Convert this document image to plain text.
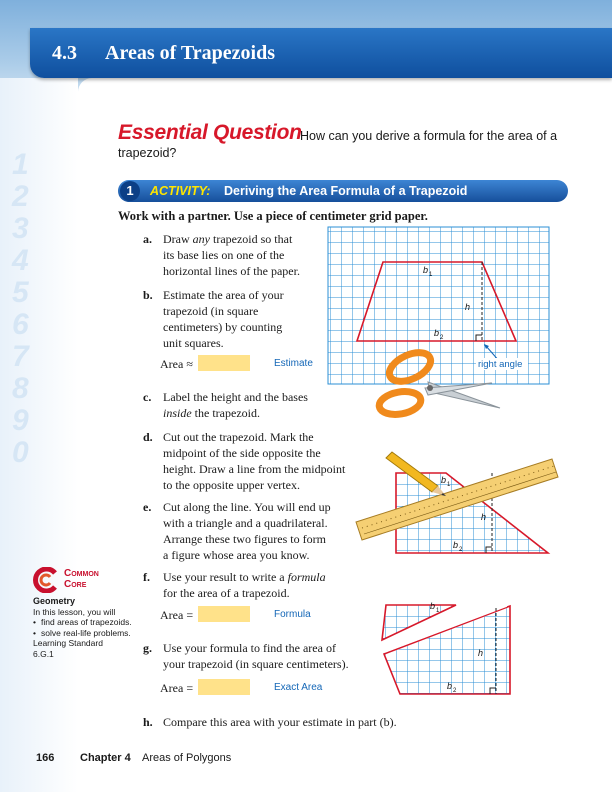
4.3 Areas of Trapezoids
1
2
3
4
5
6
7
8
9
0
Essential Question
How can you derive a formula for the area of a trapezoid?
1	ACTIVITY: Deriving the Area Formula of a Trapezoid
Work with a partner. Use a piece of centimeter grid paper.
a. Draw any trapezoid so that
its base lies on one of the
horizontal lines of the paper.
b. Estimate the area of your
trapezoid (in square
centimeters) by counting
unit squares.
Area ≈	Estimate
c. Label the height and the bases
inside the trapezoid.
d. Cut out the trapezoid. Mark the
midpoint of the side opposite the
height. Draw a line from the midpoint
to the opposite upper vertex.
e. Cut along the line. You will end up
with a triangle and a quadrilateral.
Arrange these two figures to form
a figure whose area you know.
f. Use your result to write a formula
for the area of a trapezoid.
Area =	Formula
g. Use your formula to find the area of
your trapezoid (in square centimeters).
Area =	Exact Area
h. Compare this area with your estimate in part (b).
Common
Core
Geometry
In this lesson, you will
• find areas of trapezoids.
• solve real-life problems.
Learning Standard
6.G.1
right angle
b 1
h
b 2
b 1
h
b 2
b 1
h
b 2
166 Chapter 4 Areas of Polygons
